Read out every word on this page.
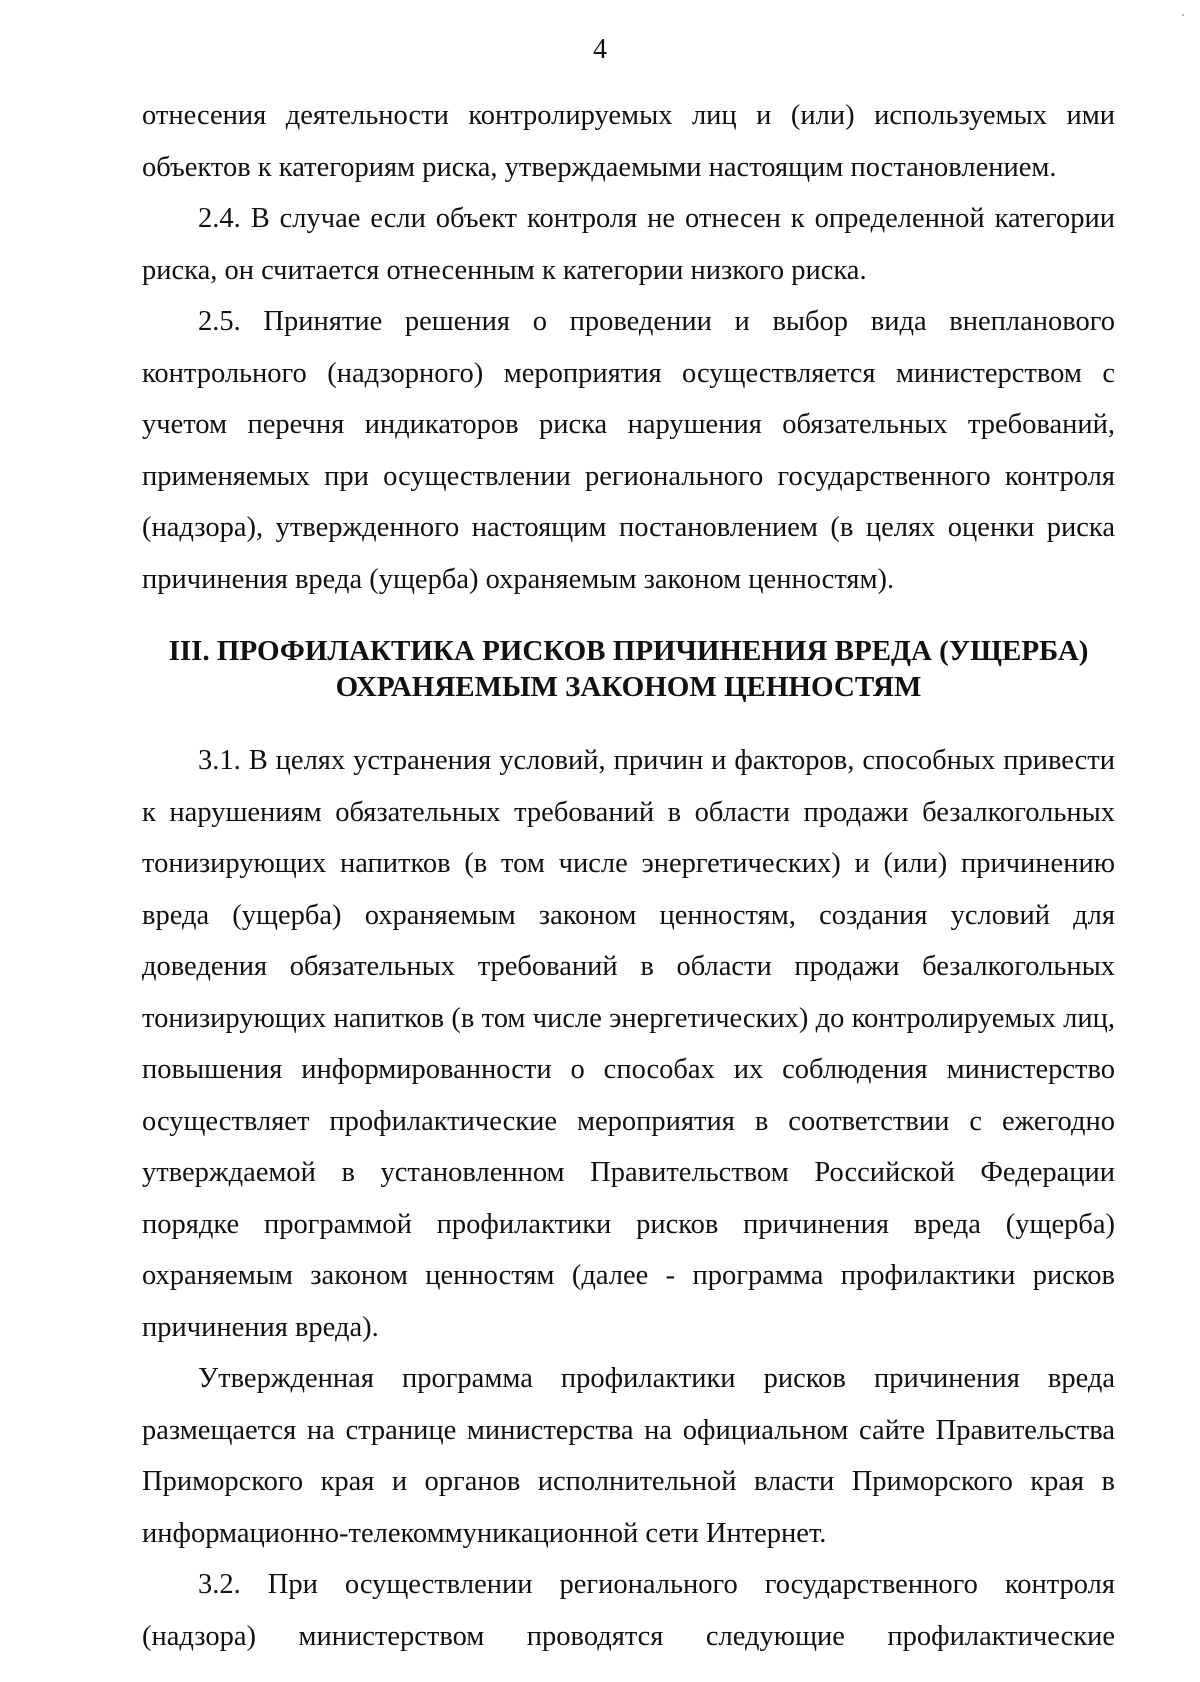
4

отнесения деятельности контролируемых лиц и (или) используемых ими объектов к категориям риска, утверждаемыми настоящим постановлением.

2.4. В случае если объект контроля не отнесен к определенной категории риска, он считается отнесенным к категории низкого риска.

2.5. Принятие решения о проведении и выбор вида внепланового контрольного (надзорного) мероприятия осуществляется министерством с учетом перечня индикаторов риска нарушения обязательных требований, применяемых при осуществлении регионального государственного контроля (надзора), утвержденного настоящим постановлением (в целях оценки риска причинения вреда (ущерба) охраняемым законом ценностям).

III. ПРОФИЛАКТИКА РИСКОВ ПРИЧИНЕНИЯ ВРЕДА (УЩЕРБА)
ОХРАНЯЕМЫМ ЗАКОНОМ ЦЕННОСТЯМ

3.1. В целях устранения условий, причин и факторов, способных привести к нарушениям обязательных требований в области продажи безалкогольных тонизирующих напитков (в том числе энергетических) и (или) причинению вреда (ущерба) охраняемым законом ценностям, создания условий для доведения обязательных требований в области продажи безалкогольных тонизирующих напитков (в том числе энергетических) до контролируемых лиц, повышения информированности о способах их соблюдения министерство осуществляет профилактические мероприятия в соответствии с ежегодно утверждаемой в установленном Правительством Российской Федерации порядке программой профилактики рисков причинения вреда (ущерба) охраняемым законом ценностям (далее - программа профилактики рисков причинения вреда).

Утвержденная программа профилактики рисков причинения вреда размещается на странице министерства на официальном сайте Правительства Приморского края и органов исполнительной власти Приморского края в информационно-телекоммуникационной сети Интернет.

3.2. При осуществлении регионального государственного контроля (надзора) министерством проводятся следующие профилактические
